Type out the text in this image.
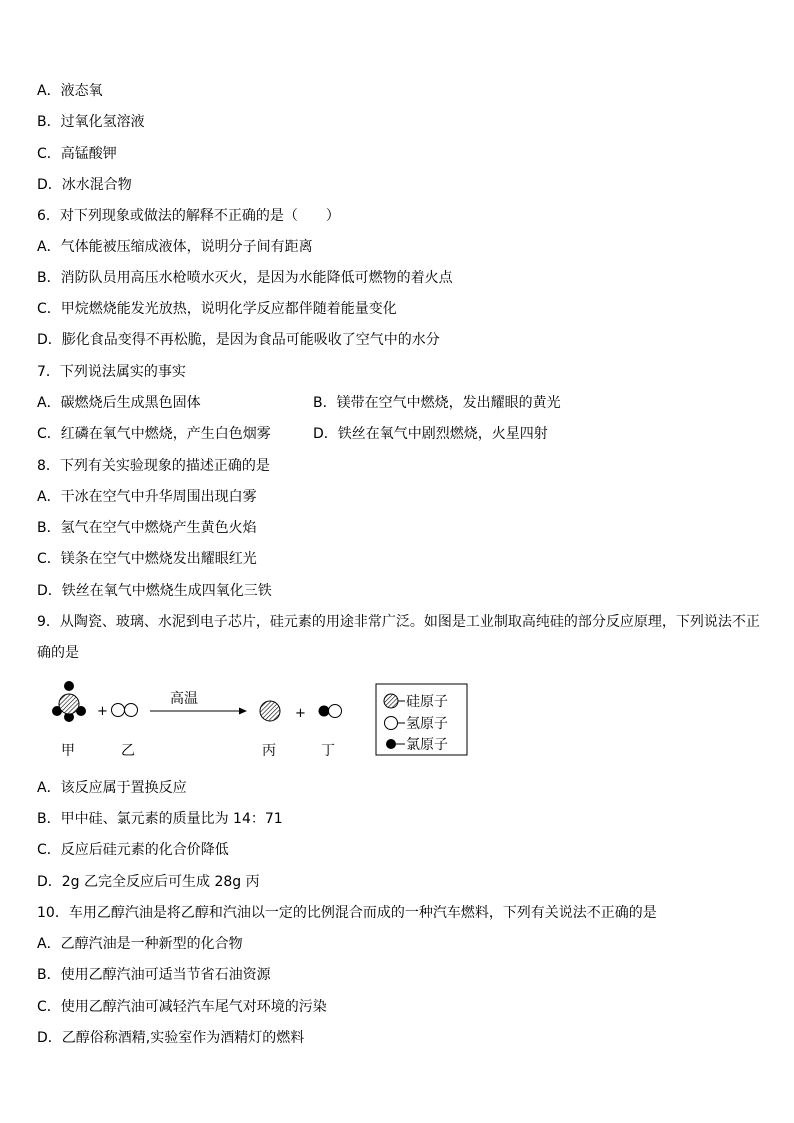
A．液态氧
B．过氧化氢溶液
C．高锰酸钾
D．冰水混合物
6．对下列现象或做法的解释不正确的是（　　）
A．气体能被压缩成液体，说明分子间有距离
B．消防队员用高压水枪喷水灭火，是因为水能降低可燃物的着火点
C．甲烷燃烧能发光放热，说明化学反应都伴随着能量变化
D．膨化食品变得不再松脆，是因为食品可能吸收了空气中的水分
7．下列说法属实的事实
A．碳燃烧后生成黑色固体	B．镁带在空气中燃烧，发出耀眼的黄光
C．红磷在氧气中燃烧，产生白色烟雾	D．铁丝在氧气中剧烈燃烧，火星四射
8．下列有关实验现象的描述正确的是
A．干冰在空气中升华周围出现白雾
B．氢气在空气中燃烧产生黄色火焰
C．镁条在空气中燃烧发出耀眼红光
D．铁丝在氧气中燃烧生成四氧化三铁
9．从陶瓷、玻璃、水泥到电子芯片，硅元素的用途非常广泛。如图是工业制取高纯硅的部分反应原理，下列说法不正
确的是
+
高温
+
甲	乙	丙	丁
硅原子
氢原子
氯原子
A．该反应属于置换反应
B．甲中硅、氯元素的质量比为 14：71
C．反应后硅元素的化合价降低
D．2g 乙完全反应后可生成 28g 丙
10．车用乙醇汽油是将乙醇和汽油以一定的比例混合而成的一种汽车燃料，下列有关说法不正确的是
A．乙醇汽油是一种新型的化合物
B．使用乙醇汽油可适当节省石油资源
C．使用乙醇汽油可减轻汽车尾气对环境的污染
D．乙醇俗称酒精,实验室作为酒精灯的燃料
